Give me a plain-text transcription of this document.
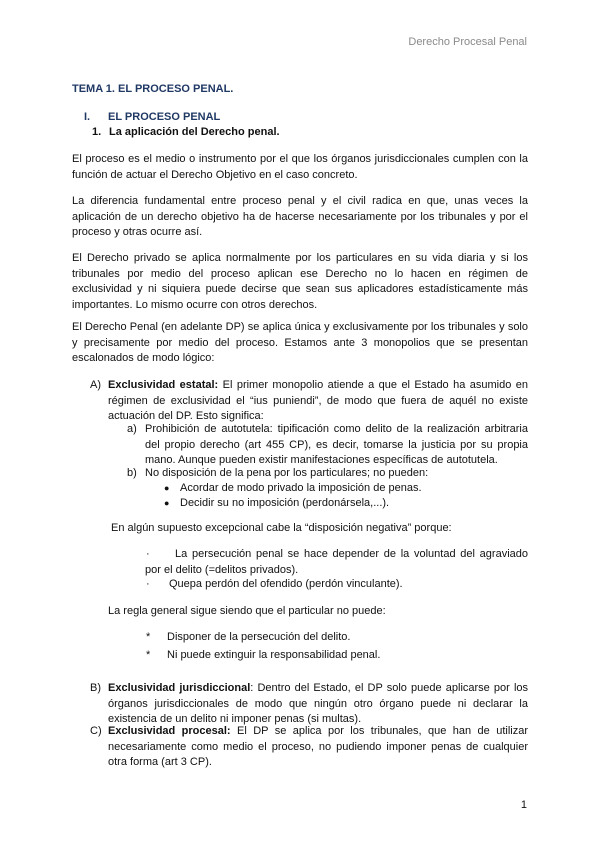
Derecho Procesal Penal
TEMA 1. EL PROCESO PENAL.
I. EL PROCESO PENAL
1. La aplicación del Derecho penal.
El proceso es el medio o instrumento por el que los órganos jurisdiccionales cumplen con la función de actuar el Derecho Objetivo en el caso concreto.
La diferencia fundamental entre proceso penal y el civil radica en que, unas veces la aplicación de un derecho objetivo ha de hacerse necesariamente por los tribunales y por el proceso y otras ocurre así.
El Derecho privado se aplica normalmente por los particulares en su vida diaria y si los tribunales por medio del proceso aplican ese Derecho no lo hacen en régimen de exclusividad y ni siquiera puede decirse que sean sus aplicadores estadísticamente más importantes. Lo mismo ocurre con otros derechos.
El Derecho Penal (en adelante DP) se aplica única y exclusivamente por los tribunales y solo y precisamente por medio del proceso. Estamos ante 3 monopolios que se presentan escalonados de modo lógico:
A) Exclusividad estatal: El primer monopolio atiende a que el Estado ha asumido en régimen de exclusividad el “ius puniendi”, de modo que fuera de aquél no existe actuación del DP. Esto significa:
a) Prohibición de autotutela: tipificación como delito de la realización arbitraria del propio derecho (art 455 CP), es decir, tomarse la justicia por su propia mano. Aunque pueden existir manifestaciones específicas de autotutela.
b) No disposición de la pena por los particulares; no pueden:
● Acordar de modo privado la imposición de penas.
● Decidir su no imposición (perdonársela,...).
En algún supuesto excepcional cabe la “disposición negativa” porque:
·	La persecución penal se hace depender de la voluntad del agraviado por el delito (=delitos privados).
· Quepa perdón del ofendido (perdón vinculante).
La regla general sigue siendo que el particular no puede:
* Disponer de la persecución del delito.
* Ni puede extinguir la responsabilidad penal.
B) Exclusividad jurisdiccional: Dentro del Estado, el DP solo puede aplicarse por los órganos jurisdiccionales de modo que ningún otro órgano puede ni declarar la existencia de un delito ni imponer penas (si multas).
C) Exclusividad procesal: El DP se aplica por los tribunales, que han de utilizar necesariamente como medio el proceso, no pudiendo imponer penas de cualquier otra forma (art 3 CP).
1
